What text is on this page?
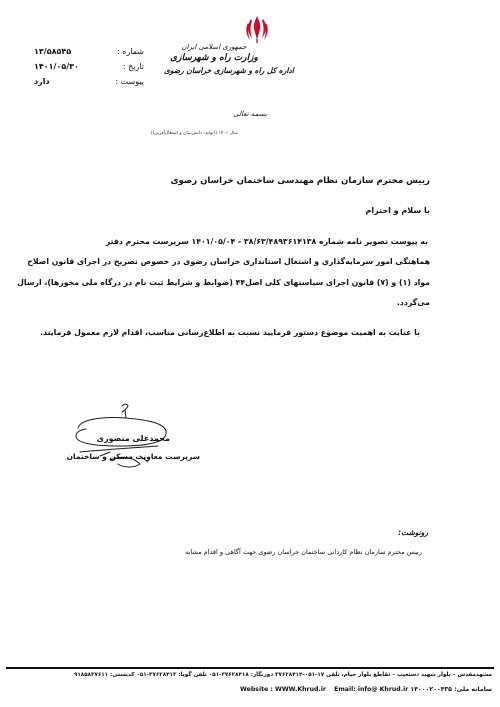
شماره :
۱۳/۵۸۵۴۵
تاریخ :
۱۴۰۱/۰۵/۳۰
پیوست :
دارد
جمهوری اسلامی ایران
وزارت راه و شهرسازی
اداره کل راه و شهرسازی خراسان رضوی
بسمه تعالی
سال ۱۴۰۱ ((تولید، دانش‌بنیان و اشتغال‌آفرین))
رییس محترم سازمان نظام مهندسی ساختمان خراسان رضوی
با سلام و احترام
به پیوست تصویر نامه شماره ۳۸/۶۳/۴۸۹۳۶۱۴۱۳۸ - ۱۴۰۱/۰۵/۰۴ سرپرست محترم دفتر
هماهنگی امور سرمایه‌گذاری و اشتغال استانداری خراسان رضوی در خصوص تصریح در اجرای قانون اصلاح
مواد (۱) و (۷) قانون اجرای سیاستهای کلی اصل۴۴ (ضوابط و شرایط ثبت نام در درگاه ملی مجوزها)، ارسال
می‌گردد.
با عنایت به اهمیت موضوع دستور فرمایید نسبت به اطلاع‌رسانی مناسب، اقدام لازم معمول فرمایند.
محمدعلی منصوری
سرپرست معاونت مسکن و ساختمان
رونوشت:
رییس محترم سازمان نظام کاردانی ساختمان خراسان رضوی جهت آگاهی و اقدام مشابه
مشهدمقدس – بلوار شهید دستغیب – تقاطع بلوار خیام، تلفن ۱۷-۰۵۱-۳۷۶۲۸۴۱۴ دورنگار: ۳۷۶۲۸۴۱۸-۰۵۱ تلفن گویا: ۳۷۶۲۸۴۱۳-۰۵۱ کدپستی: ۹۱۸۵۸۳۷۶۱۱
Website : WWW.Khrud.ir Email: info@ Khrud.ir سامانه ملی: ۱۴۰۰۰۲۰۰۴۳۵
